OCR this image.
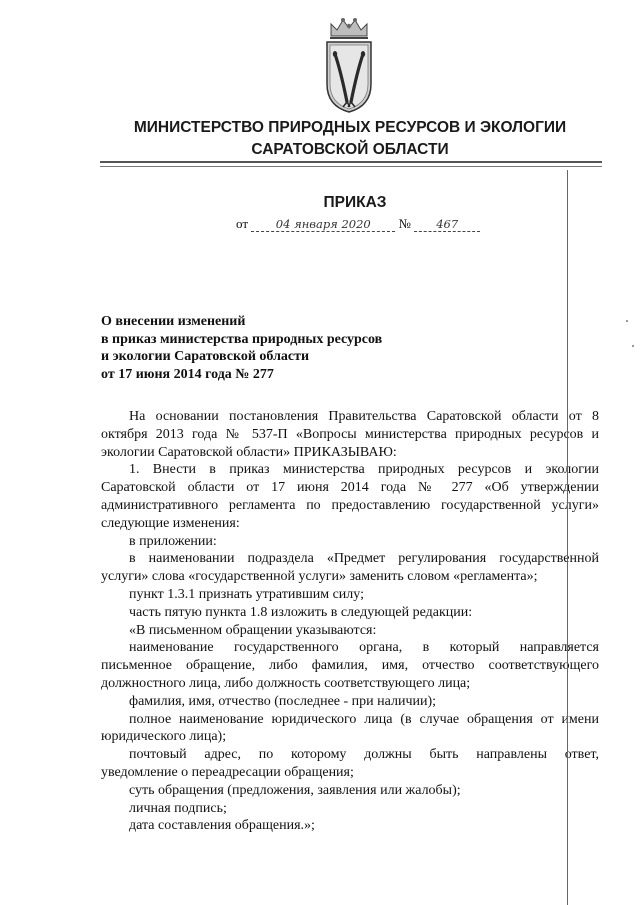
МИНИСТЕРСТВО ПРИРОДНЫХ РЕСУРСОВ И ЭКОЛОГИИ
САРАТОВСКОЙ ОБЛАСТИ
ПРИКАЗ
от 04 января 2020 № 467
О внесении изменений
в приказ министерства природных ресурсов
и экологии Саратовской области
от 17 июня 2014 года № 277
На основании постановления Правительства Саратовской области от 8
октября 2013 года № 537-П «Вопросы министерства природных ресурсов и
экологии Саратовской области» ПРИКАЗЫВАЮ:
1. Внести в приказ министерства природных ресурсов и экологии
Саратовской области от 17 июня 2014 года № 277 «Об утверждении
административного регламента по предоставлению государственной услуги»
следующие изменения:
в приложении:
в наименовании подраздела «Предмет регулирования государственной
услуги» слова «государственной услуги» заменить словом «регламента»;
пункт 1.3.1 признать утратившим силу;
часть пятую пункта 1.8 изложить в следующей редакции:
«В письменном обращении указываются:
наименование государственного органа, в который направляется
письменное обращение, либо фамилия, имя, отчество соответствующего
должностного лица, либо должность соответствующего лица;
фамилия, имя, отчество (последнее - при наличии);
полное наименование юридического лица (в случае обращения от имени
юридического лица);
почтовый адрес, по которому должны быть направлены ответ,
уведомление о переадресации обращения;
суть обращения (предложения, заявления или жалобы);
личная подпись;
дата составления обращения.»;
